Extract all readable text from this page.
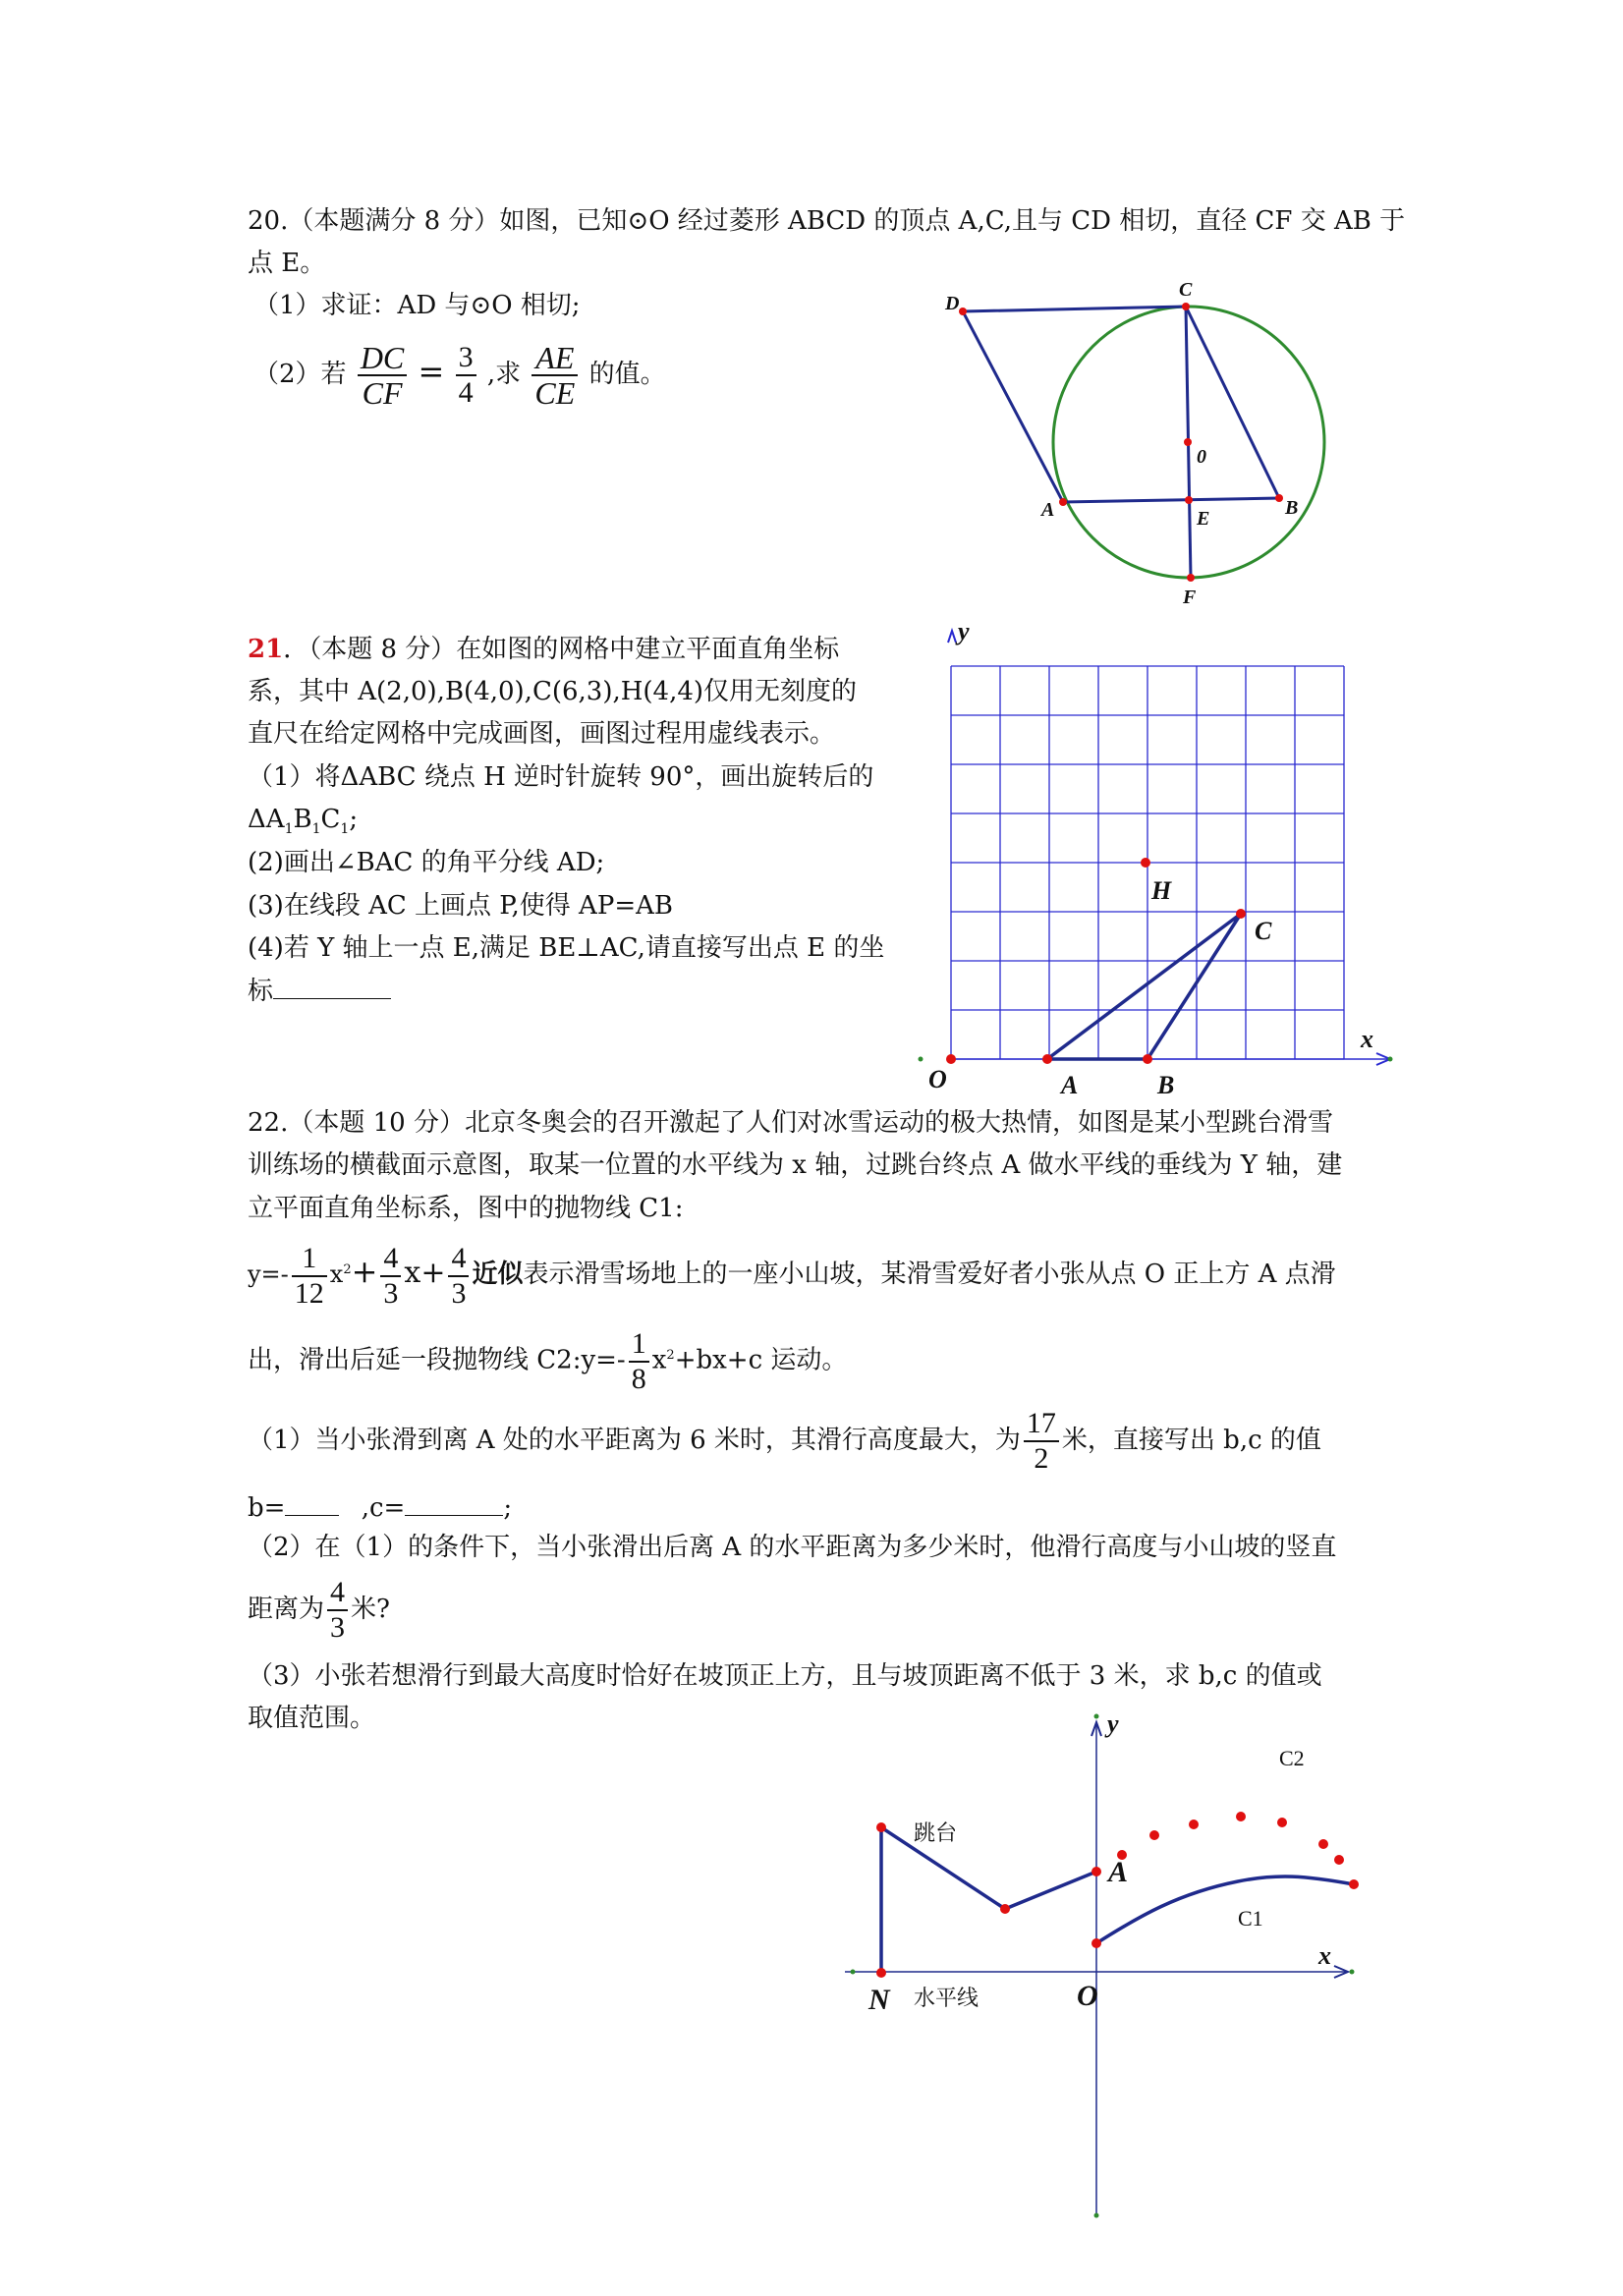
20.（本题满分 8 分）如图，已知⊙O 经过菱形 ABCD 的顶点 A,C,且与 CD 相切，直径 CF 交 AB 于
点 E。
（1）求证：AD 与⊙O 相切;
（2）若 $\frac{DC}{CF} = \frac{3}{4}$ ,求 $\frac{AE}{CE}$ 的值。
D
C
0
A	E	B
F
21．（本题 8 分）在如图的网格中建立平面直角坐标
系，其中 A(2,0),B(4,0),C(6,3),H(4,4)仅用无刻度的
直尺在给定网格中完成画图，画图过程用虚线表示。
（1）将ΔABC 绕点 H 逆时针旋转 90°，画出旋转后的
$\Delta A_1B_1C_1$;
(2)画出∠BAC 的角平分线 AD;
(3)在线段 AC 上画点 P,使得 AP=AB
(4)若 Y 轴上一点 E,满足 BE⊥AC,请直接写出点 E 的坐
标
y
x
O	A	B
C
H
22.（本题 10 分）北京冬奥会的召开激起了人们对冰雪运动的极大热情，如图是某小型跳台滑雪
训练场的横截面示意图，取某一位置的水平线为 x 轴，过跳台终点 A 做水平线的垂线为 Y 轴，建
立平面直角坐标系，图中的抛物线 C1:
$y=- \frac{1}{12} x^2+ \frac{4}{3} x+ \frac{4}{3}$ 近似表示滑雪场地上的一座小山坡，某滑雪爱好者小张从点 O 正上方 A 点滑
出，滑出后延一段抛物线 C2:y=- $\frac{1}{8} x^2+bx+c$ 运动。
（1）当小张滑到离 A 处的水平距离为 6 米时，其滑行高度最大，为 $\frac{17}{2}$ 米，直接写出 b,c 的值
b=	,c=	;
（2）在（1）的条件下，当小张滑出后离 A 的水平距离为多少米时，他滑行高度与小山坡的竖直
距离为 $\frac{4}{3}$ 米?
（3）小张若想滑行到最大高度时恰好在坡顶正上方，且与坡顶距离不低于 3 米，求 b,c 的值或
取值范围。	y
x
O
N
A
跳台
水平线
C2
C1
